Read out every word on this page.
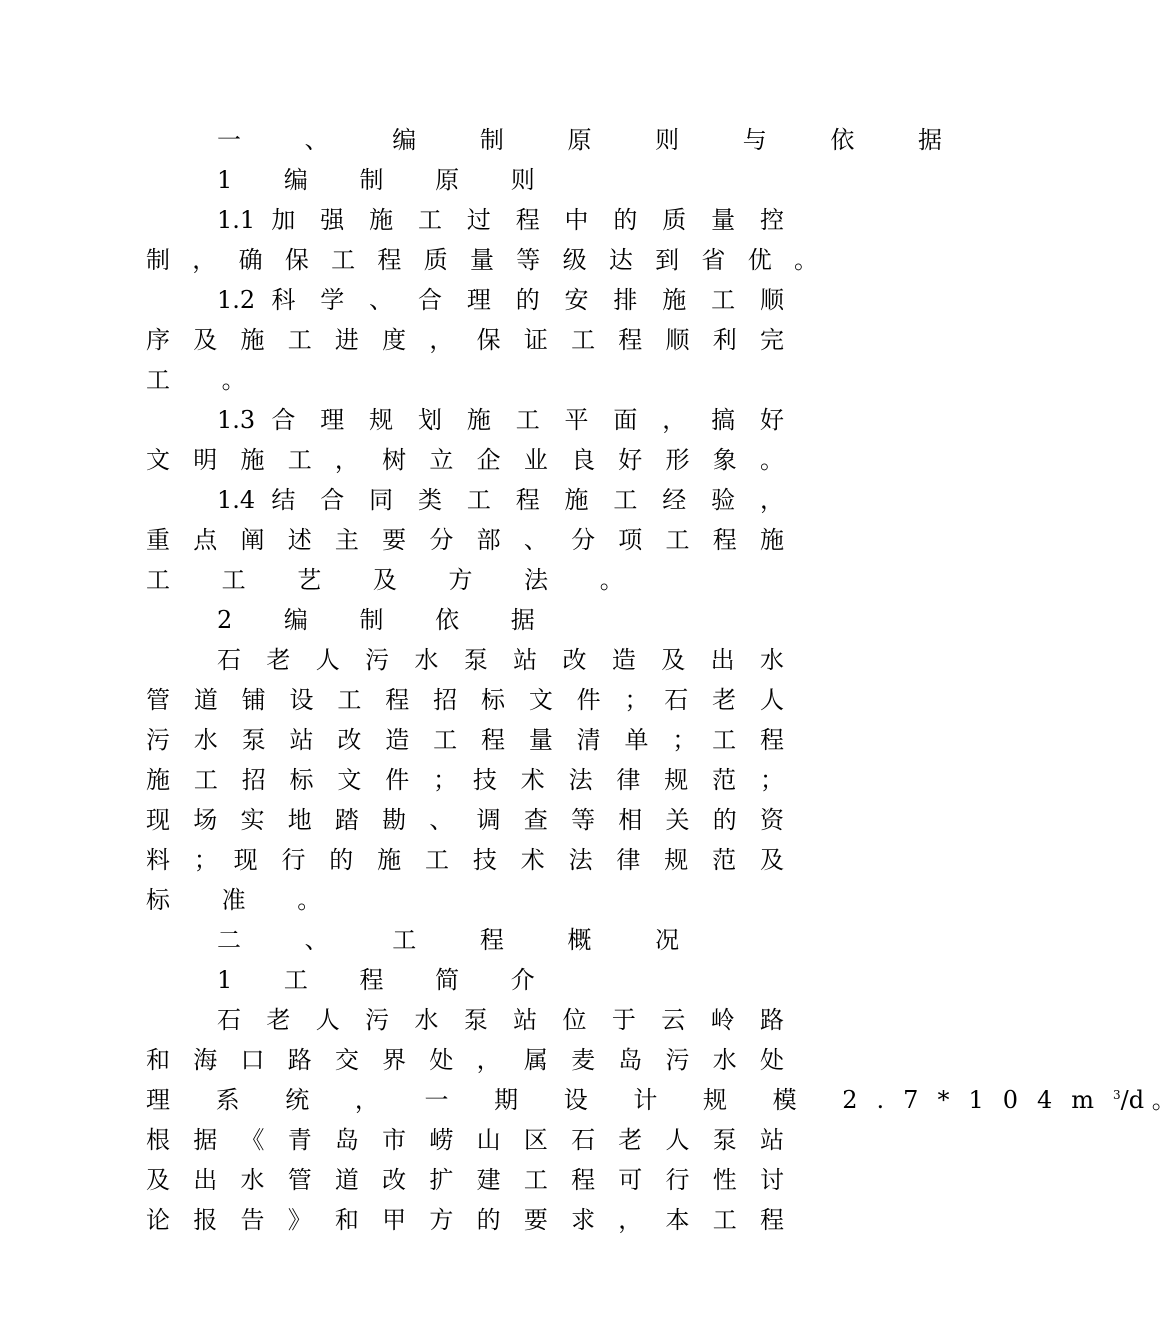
一 、 编 制 原 则 与 依 据
1 编 制 原 则
1.1 加 强 施 工 过 程 中 的 质 量 控
制 ， 确 保 工 程 质 量 等 级 达 到 省 优 。
1.2 科 学 、 合 理 的 安 排 施 工 顺
序 及 施 工 进 度 ， 保 证 工 程 顺 利 完
工 。
1.3 合 理 规 划 施 工 平 面 ， 搞 好
文 明 施 工 ， 树 立 企 业 良 好 形 象 。
1.4 结 合 同 类 工 程 施 工 经 验 ，
重 点 阐 述 主 要 分 部 、 分 项 工 程 施
工 工 艺 及 方 法 。
2 编 制 依 据
石 老 人 污 水 泵 站 改 造 及 出 水
管 道 铺 设 工 程 招 标 文 件 ； 石 老 人
污 水 泵 站 改 造 工 程 量 清 单 ； 工 程
施 工 招 标 文 件 ； 技 术 法 律 规 范 ；
现 场 实 地 踏 勘 、 调 查 等 相 关 的 资
料 ； 现 行 的 施 工 技 术 法 律 规 范 及
标 准 。
二 、 工 程 概 况
1 工 程 简 介
石 老 人 污 水 泵 站 位 于 云 岭 路
和 海 口 路 交 界 处 ， 属 麦 岛 污 水 处
理 系 统 ， 一 期 设 计 规 模 $2.7*104m^3/d$ 。
根 据 《 青 岛 市 崂 山 区 石 老 人 泵 站
及 出 水 管 道 改 扩 建 工 程 可 行 性 讨
论 报 告 》 和 甲 方 的 要 求 ， 本 工 程
